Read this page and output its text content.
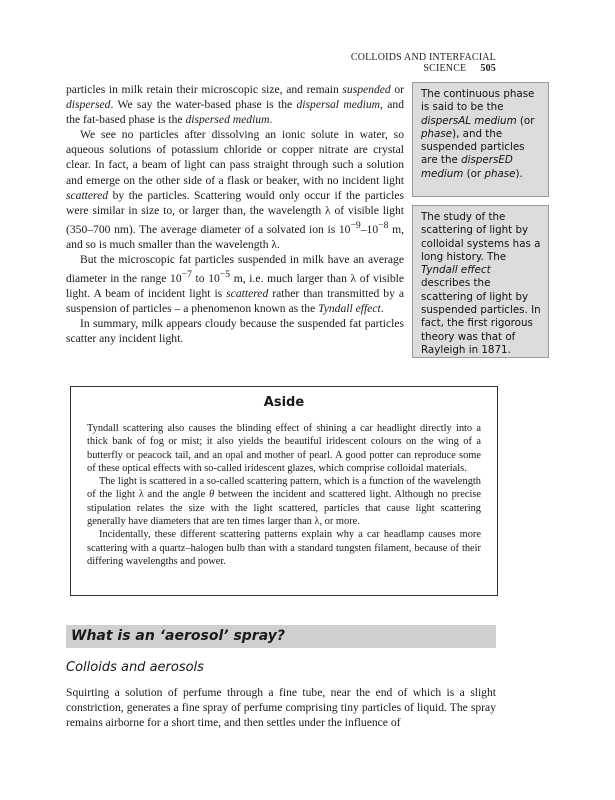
COLLOIDS AND INTERFACIAL SCIENCE 505

particles in milk retain their microscopic size, and remain suspended or dispersed. We say the water-based phase is the dispersal medium, and the fat-based phase is the dispersed medium.

We see no particles after dissolving an ionic solute in water, so aqueous solutions of potassium chloride or copper nitrate are crystal clear. In fact, a beam of light can pass straight through such a solution and emerge on the other side of a flask or beaker, with no incident light scattered by the particles. Scattering would only occur if the particles were similar in size to, or larger than, the wavelength λ of visible light (350–700 nm). The average diameter of a solvated ion is $10^{-9}-10^{-8}$ m, and so is much smaller than the wavelength λ.

But the microscopic fat particles suspended in milk have an average diameter in the range $10^{-7}$ to $10^{-5}$ m, i.e. much larger than λ of visible light. A beam of incident light is scattered rather than transmitted by a suspension of particles – a phenomenon known as the Tyndall effect.

In summary, milk appears cloudy because the suspended fat particles scatter any incident light.

The continuous phase is said to be the dispersAL medium (or phase), and the suspended particles are the dispersED medium (or phase).
The study of the scattering of light by colloidal systems has a long history. The Tyndall effect describes the scattering of light by suspended particles. In fact, the first rigorous theory was that of Rayleigh in 1871.
Aside

Tyndall scattering also causes the blinding effect of shining a car headlight directly into a thick bank of fog or mist; it also yields the beautiful iridescent colours on the wing of a butterfly or peacock tail, and an opal and mother of pearl. A good potter can reproduce some of these optical effects with so-called iridescent glazes, which comprise colloidal materials.

The light is scattered in a so-called scattering pattern, which is a function of the wavelength of the light λ and the angle θ between the incident and scattered light. Although no precise stipulation relates the size with the light scattered, particles that cause light scattering generally have diameters that are ten times larger than λ, or more.

Incidentally, these different scattering patterns explain why a car headlamp causes more scattering with a quartz–halogen bulb than with a standard tungsten filament, because of their differing wavelengths and power.

What is an ‘aerosol’ spray?
Colloids and aerosols

Squirting a solution of perfume through a fine tube, near the end of which is a slight constriction, generates a fine spray of perfume comprising tiny particles of liquid. The spray remains airborne for a short time, and then settles under the influence of
